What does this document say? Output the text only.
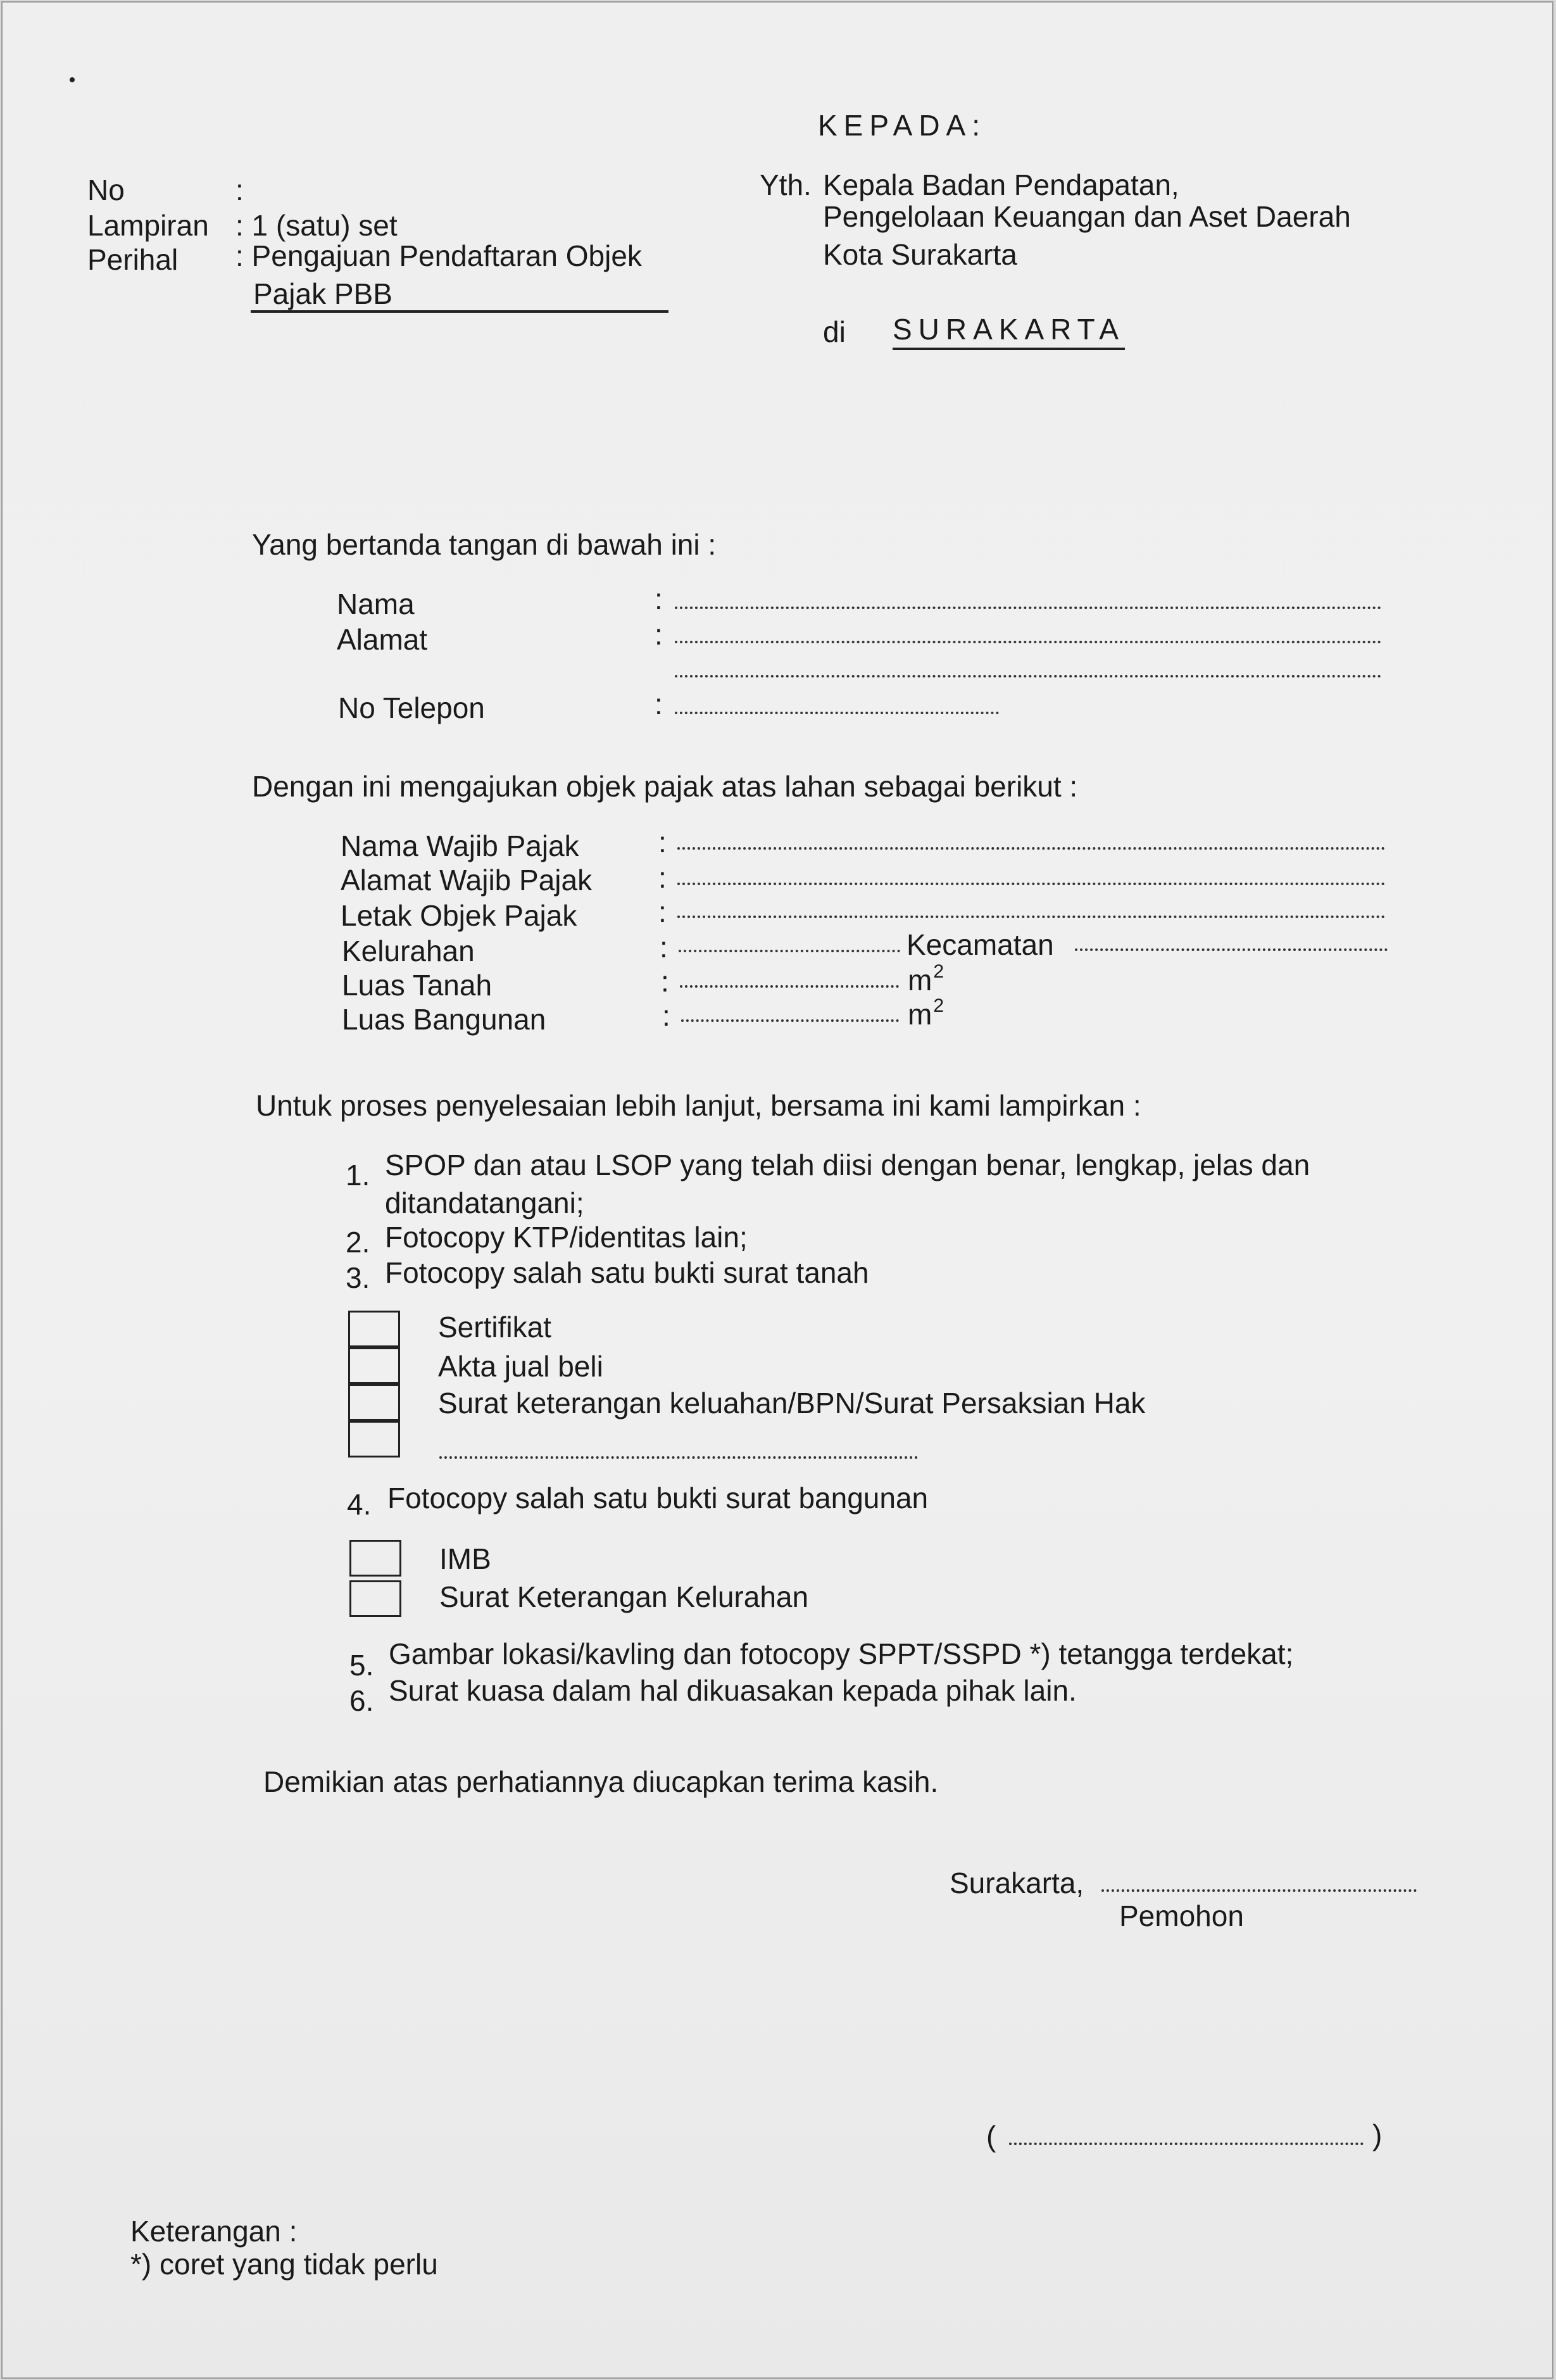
KEPADA:
No	:
Lampiran : 1 (satu) set
Perihal : Pengajuan Pendaftaran Objek
Pajak PBB
Yth. Kepala Badan Pendapatan,
Pengelolaan Keuangan dan Aset Daerah
Kota Surakarta
di SURAKARTA
Yang bertanda tangan di bawah ini :
Nama	:
Alamat	:
No Telepon	:
Dengan ini mengajukan objek pajak atas lahan sebagai berikut :
Nama Wajib Pajak	:
Alamat Wajib Pajak :
Letak Objek Pajak	:
Kelurahan	:	Kecamatan
Luas Tanah	:	$m^2$
Luas Bangunan	:	$m^2$
Untuk proses penyelesaian lebih lanjut, bersama ini kami lampirkan :
1. SPOP dan atau LSOP yang telah diisi dengan benar, lengkap, jelas dan
ditandatangani;
2. Fotocopy KTP/identitas lain;
3. Fotocopy salah satu bukti surat tanah
Sertifikat
Akta jual beli
Surat keterangan keluahan/BPN/Surat Persaksian Hak
4. Fotocopy salah satu bukti surat bangunan
IMB
Surat Keterangan Kelurahan
5. Gambar lokasi/kavling dan fotocopy SPPT/SSPD *) tetangga terdekat;
6. Surat kuasa dalam hal dikuasakan kepada pihak lain.
Demikian atas perhatiannya diucapkan terima kasih.
Surakarta,
Pemohon
(	)
Keterangan :
*) coret yang tidak perlu
